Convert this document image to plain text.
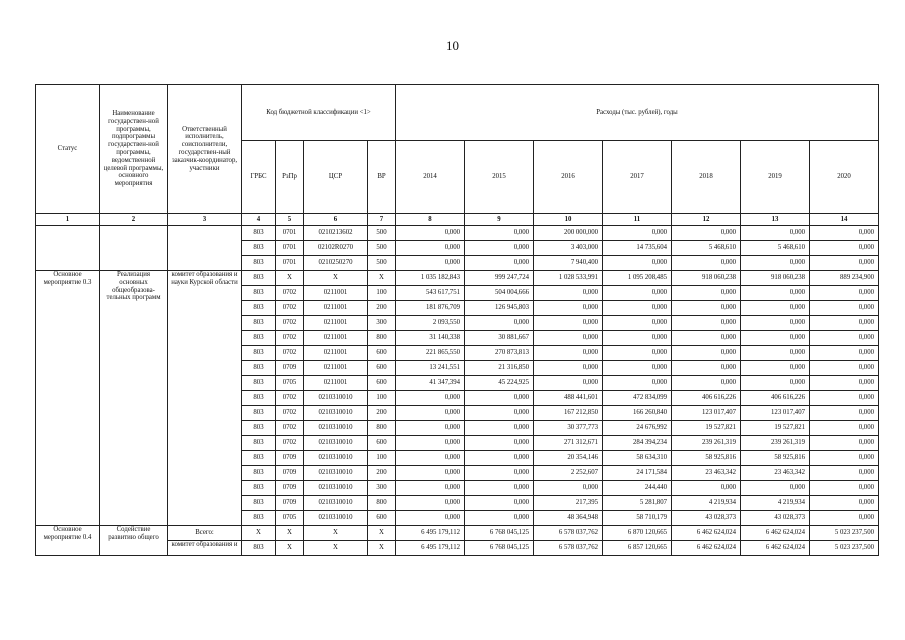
10
Статус	Наименование государствен-ной программы, подпрограммы государствен-ной программы, ведомственной целевой программы, основного мероприятия	Ответственный исполнитель, соисполнители, государствен-ный заказчик-координатор, участники	Код бюджетной классификации <1>				Расходы (тыс. рублей), годы						
			ГРБС	РзПр	ЦСР	ВР	2014	2015	2016	2017	2018	2019	2020
1	2	3	4	5	6	7	8	9	10	11	12	13	14
			803	0701	0210213602	500	0,000	0,000	200 000,000	0,000	0,000	0,000	0,000
			803	0701	02102R0270	500	0,000	0,000	3 403,000	14 735,604	5 468,610	5 468,610	0,000
			803	0701	0210250270	500	0,000	0,000	7 940,400	0,000	0,000	0,000	0,000
Основное мероприятие 0.3	Реализация основных общеобразова-тельных программ	комитет образования и науки Курской области	803	X	X	X	1 035 182,843	999 247,724	1 028 533,991	1 095 208,485	918 060,238	918 060,238	889 234,900
			803	0702	0211001	100	543 617,751	504 004,666	0,000	0,000	0,000	0,000	0,000
			803	0702	0211001	200	181 876,709	126 945,803	0,000	0,000	0,000	0,000	0,000
			803	0702	0211001	300	2 093,550	0,000	0,000	0,000	0,000	0,000	0,000
			803	0702	0211001	800	31 140,338	30 881,667	0,000	0,000	0,000	0,000	0,000
			803	0702	0211001	600	221 865,550	270 873,813	0,000	0,000	0,000	0,000	0,000
			803	0709	0211001	600	13 241,551	21 316,850	0,000	0,000	0,000	0,000	0,000
			803	0705	0211001	600	41 347,394	45 224,925	0,000	0,000	0,000	0,000	0,000
			803	0702	0210310010	100	0,000	0,000	488 441,601	472 834,099	406 616,226	406 616,226	0,000
			803	0702	0210310010	200	0,000	0,000	167 212,850	166 260,840	123 017,407	123 017,407	0,000
			803	0702	0210310010	800	0,000	0,000	30 377,773	24 676,992	19 527,821	19 527,821	0,000
			803	0702	0210310010	600	0,000	0,000	271 312,671	284 394,234	239 261,319	239 261,319	0,000
			803	0709	0210310010	100	0,000	0,000	20 354,146	58 634,310	58 925,816	58 925,816	0,000
			803	0709	0210310010	200	0,000	0,000	2 252,607	24 171,584	23 463,342	23 463,342	0,000
			803	0709	0210310010	300	0,000	0,000	0,000	244,440	0,000	0,000	0,000
			803	0709	0210310010	800	0,000	0,000	217,395	5 281,807	4 219,934	4 219,934	0,000
			803	0705	0210310010	600	0,000	0,000	48 364,948	58 710,179	43 028,373	43 028,373	0,000
Основное мероприятие 0.4	Содействие развитию общего	Всего:	X	X	X	X	6 495 179,112	6 768 045,125	6 578 037,762	6 870 120,665	6 462 624,024	6 462 624,024	5 023 237,500
		комитет образования и	803	X	X	X	6 495 179,112	6 768 045,125	6 578 037,762	6 857 120,665	6 462 624,024	6 462 624,024	5 023 237,500
